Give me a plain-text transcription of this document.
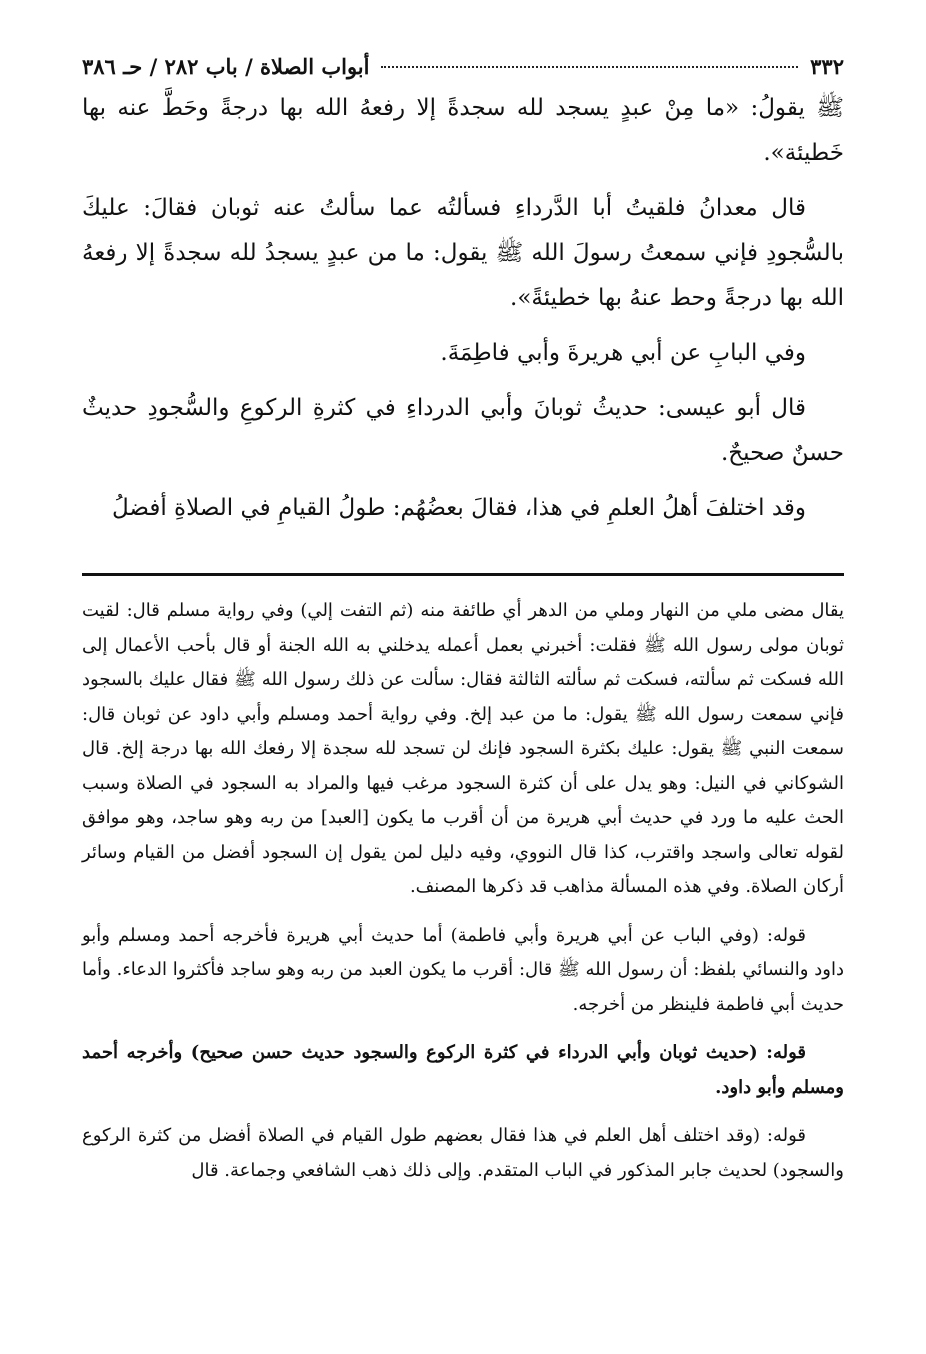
٣٣٢
أبواب الصلاة / باب ٢٨٢ / حـ ٣٨٦

ﷺ يقولُ: «ما مِنْ عبدٍ يسجد لله سجدةً إلا رفعهُ الله بها درجةً وحَطَّ عنه بها خَطيئة».

قال معدانُ فلقيتُ أبا الدَّرداءِ فسألتُه عما سألتُ عنه ثوبان فقالَ: عليكَ بالسُّجودِ فإني سمعتُ رسولَ الله ﷺ يقول: ما من عبدٍ يسجدُ لله سجدةً إلا رفعهُ الله بها درجةً وحط عنهُ بها خطيئةً».

وفي البابِ عن أبي هريرةَ وأبي فاطِمَةَ.

قال أبو عيسى: حديثُ ثوبانَ وأبي الدرداءِ في كثرةِ الركوعِ والسُّجودِ حديثٌ حسنٌ صحيحٌ.

وقد اختلفَ أهلُ العلمِ في هذا، فقالَ بعضُهُم: طولُ القيامِ في الصلاةِ أفضلُ

يقال مضى ملي من النهار وملي من الدهر أي طائفة منه (ثم التفت إلي) وفي رواية مسلم قال: لقيت ثوبان مولى رسول الله ﷺ فقلت: أخبرني بعمل أعمله يدخلني به الله الجنة أو قال بأحب الأعمال إلى الله فسكت ثم سألته، فسكت ثم سألته الثالثة فقال: سألت عن ذلك رسول الله ﷺ فقال عليك بالسجود فإني سمعت رسول الله ﷺ يقول: ما من عبد إلخ. وفي رواية أحمد ومسلم وأبي داود عن ثوبان قال: سمعت النبي ﷺ يقول: عليك بكثرة السجود فإنك لن تسجد لله سجدة إلا رفعك الله بها درجة إلخ. قال الشوكاني في النيل: وهو يدل على أن كثرة السجود مرغب فيها والمراد به السجود في الصلاة وسبب الحث عليه ما ورد في حديث أبي هريرة من أن أقرب ما يكون [العبد] من ربه وهو ساجد، وهو موافق لقوله تعالى واسجد واقترب، كذا قال النووي، وفيه دليل لمن يقول إن السجود أفضل من القيام وسائر أركان الصلاة. وفي هذه المسألة مذاهب قد ذكرها المصنف.

قوله: (وفي الباب عن أبي هريرة وأبي فاطمة) أما حديث أبي هريرة فأخرجه أحمد ومسلم وأبو داود والنسائي بلفظ: أن رسول الله ﷺ قال: أقرب ما يكون العبد من ربه وهو ساجد فأكثروا الدعاء. وأما حديث أبي فاطمة فلينظر من أخرجه.

قوله: (حديث ثوبان وأبي الدرداء في كثرة الركوع والسجود حديث حسن صحيح) وأخرجه أحمد ومسلم وأبو داود.

قوله: (وقد اختلف أهل العلم في هذا فقال بعضهم طول القيام في الصلاة أفضل من كثرة الركوع والسجود) لحديث جابر المذكور في الباب المتقدم. وإلى ذلك ذهب الشافعي وجماعة. قال
